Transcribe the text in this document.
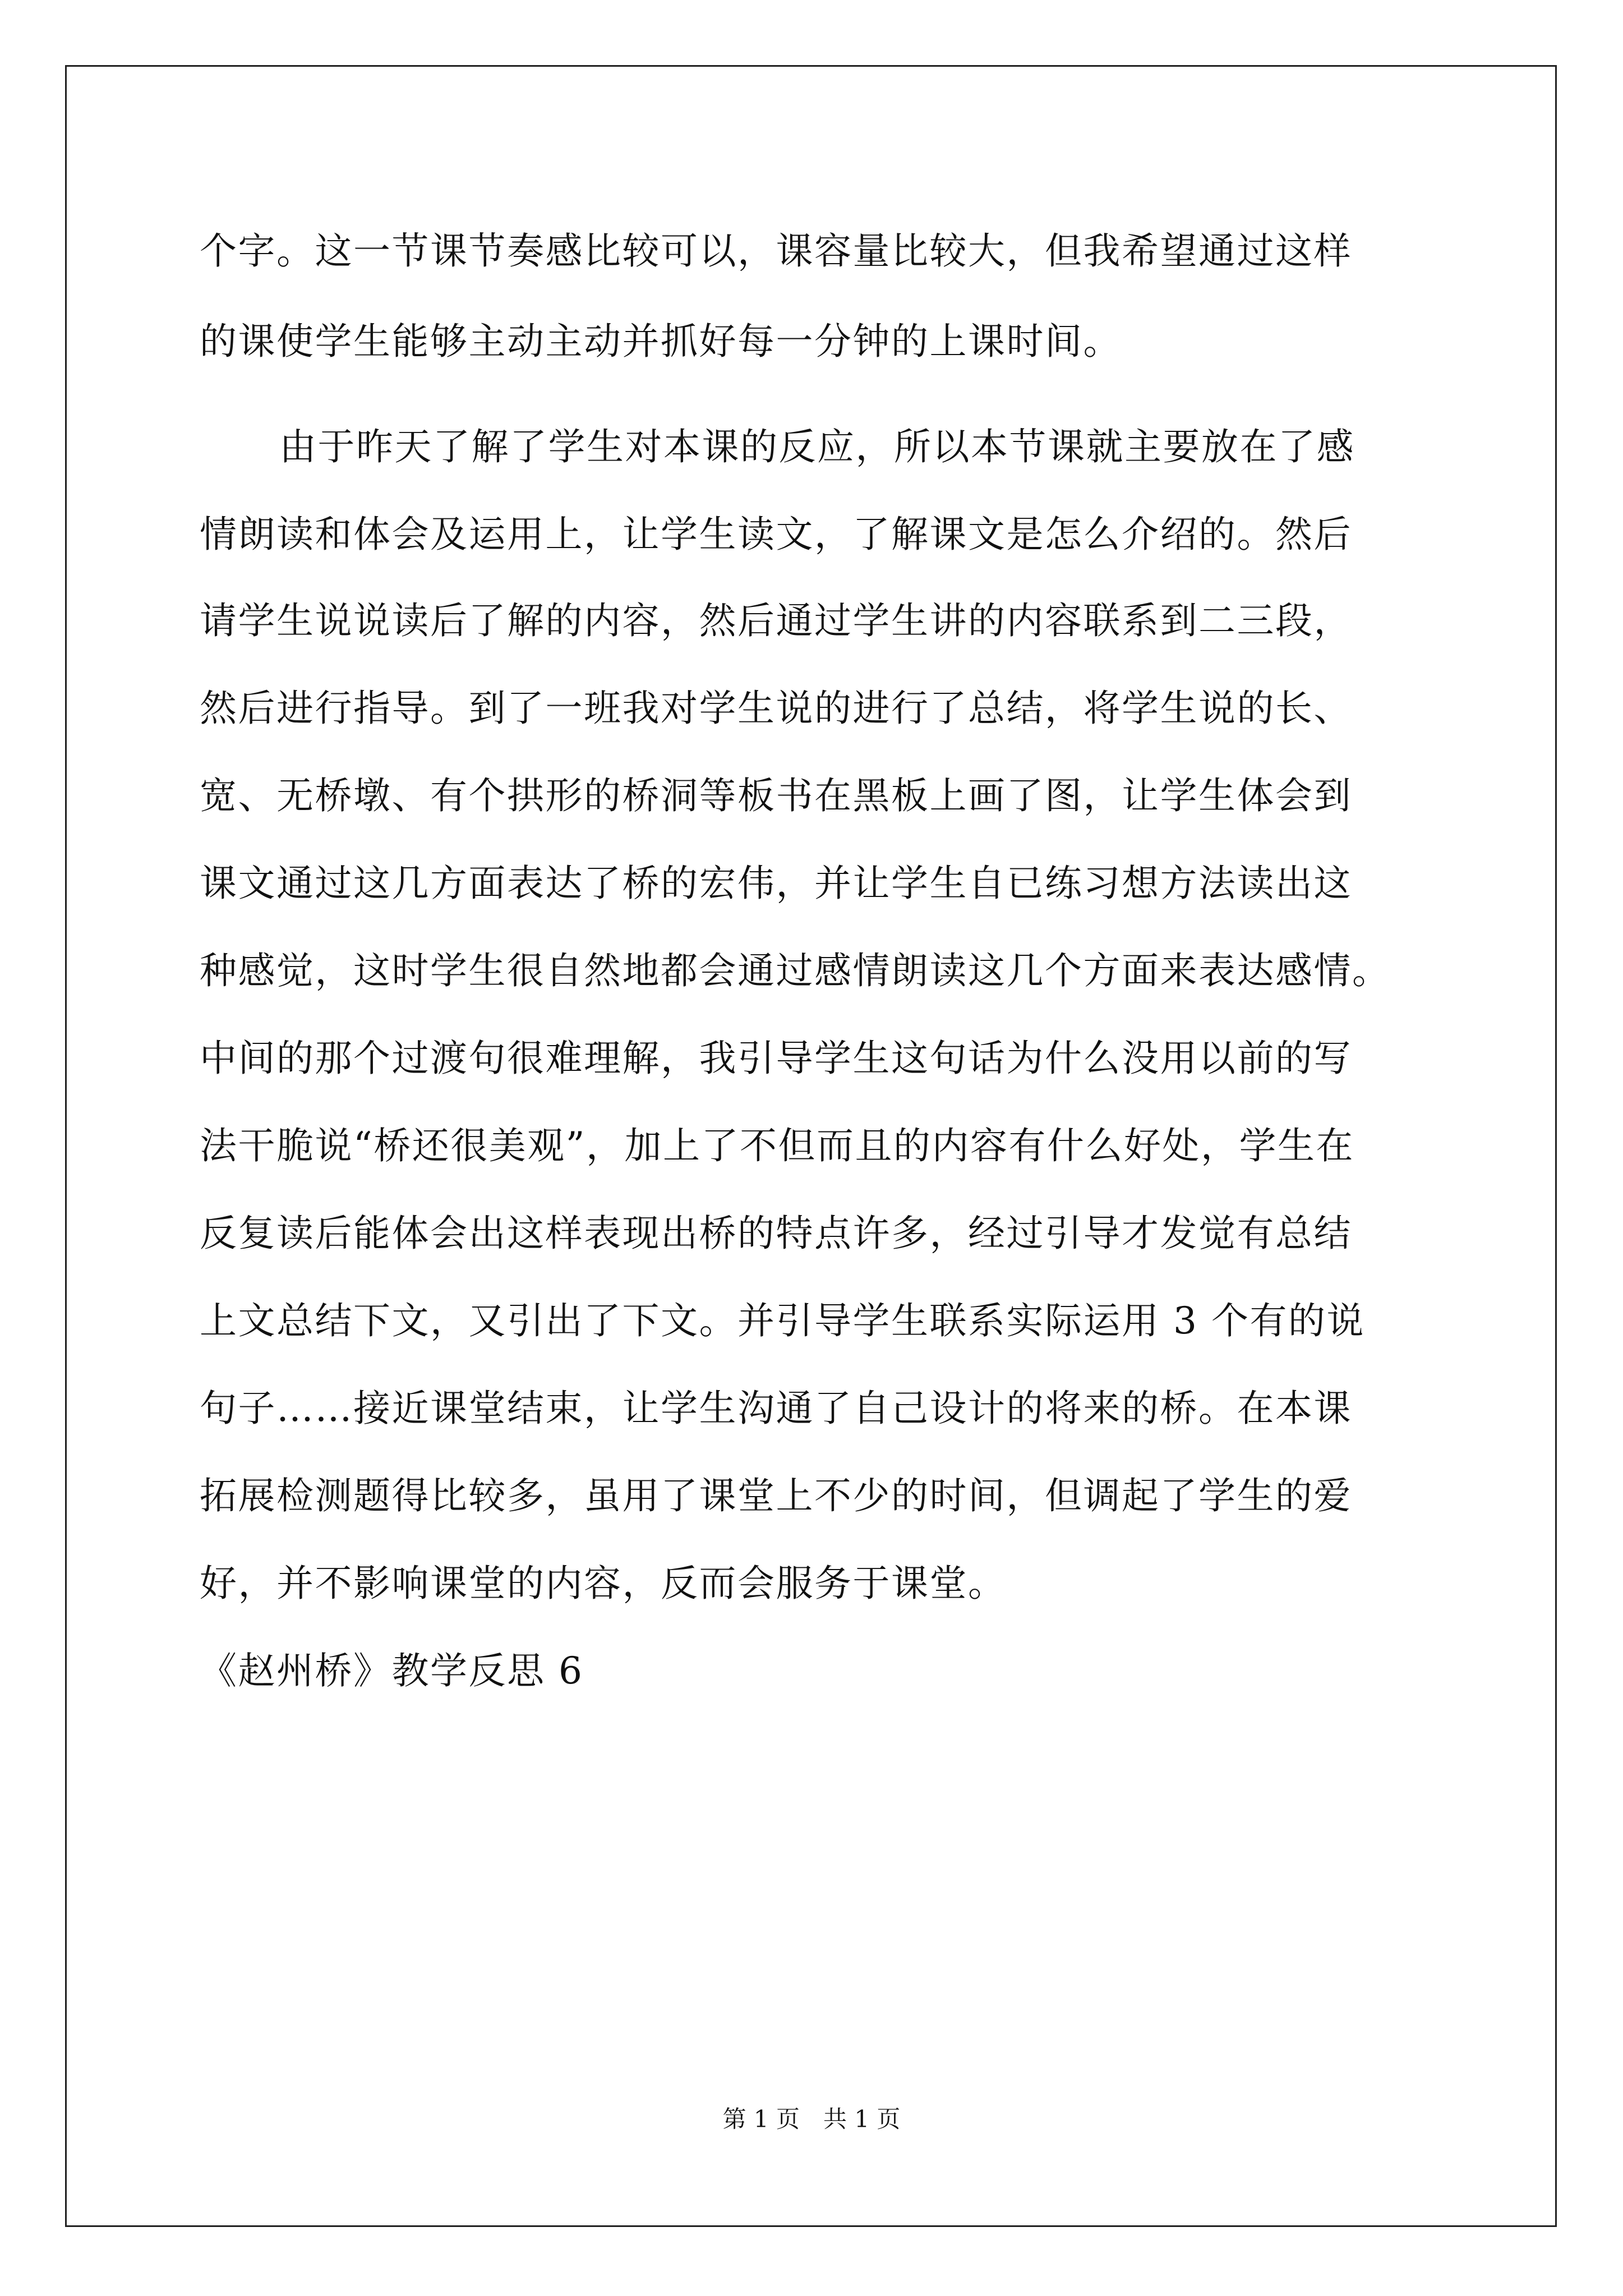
个字。这一节课节奏感比较可以，课容量比较大，但我希望通过这样
的课使学生能够主动主动并抓好每一分钟的上课时间。
由于昨天了解了学生对本课的反应，所以本节课就主要放在了感
情朗读和体会及运用上，让学生读文，了解课文是怎么介绍的。然后
请学生说说读后了解的内容，然后通过学生讲的内容联系到二三段，
然后进行指导。到了一班我对学生说的进行了总结，将学生说的长、
宽、无桥墩、有个拱形的桥洞等板书在黑板上画了图，让学生体会到
课文通过这几方面表达了桥的宏伟，并让学生自已练习想方法读出这
种感觉，这时学生很自然地都会通过感情朗读这几个方面来表达感情。
中间的那个过渡句很难理解，我引导学生这句话为什么没用以前的写
法干脆说“桥还很美观”，加上了不但而且的内容有什么好处，学生在
反复读后能体会出这样表现出桥的特点许多，经过引导才发觉有总结
上文总结下文，又引出了下文。并引导学生联系实际运用 3 个有的说
句子……接近课堂结束，让学生沟通了自己设计的将来的桥。在本课
拓展检测题得比较多，虽用了课堂上不少的时间，但调起了学生的爱
好，并不影响课堂的内容，反而会服务于课堂。
《赵州桥》教学反思 6
第 1 页　共 1 页
